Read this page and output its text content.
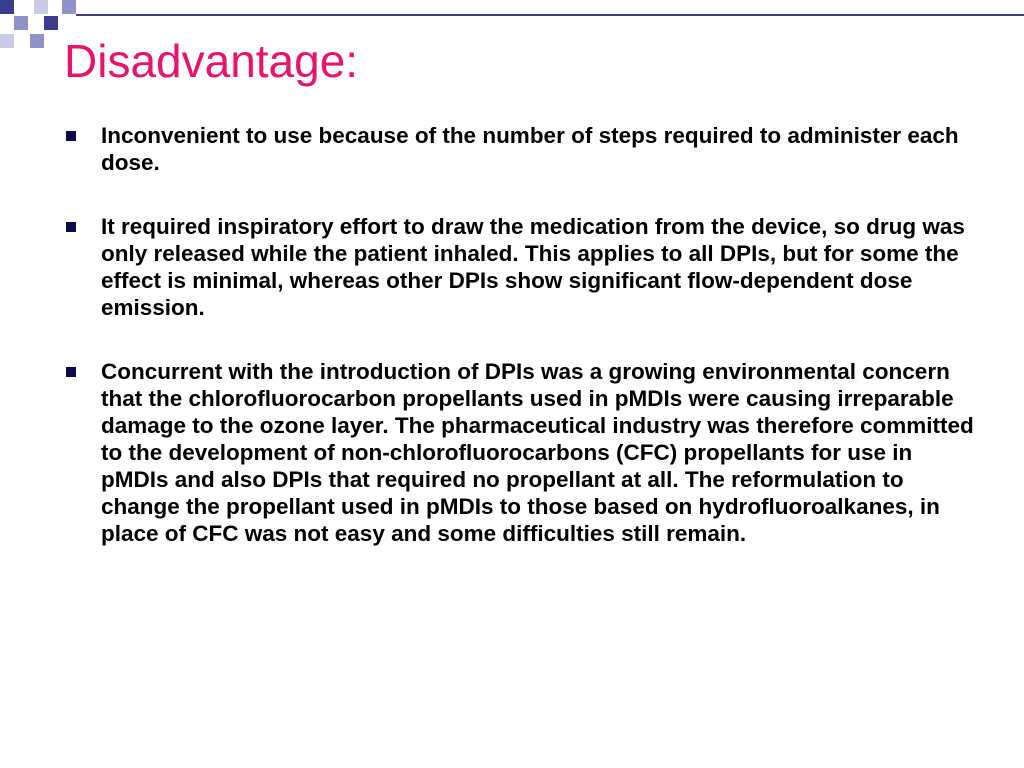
Disadvantage:
Inconvenient to use because of the number of steps required to administer each dose.
It required inspiratory effort to draw the medication from the device, so drug was only released while the patient inhaled. This applies to all DPIs, but for some the effect is minimal, whereas other DPIs show significant flow-dependent dose emission.
Concurrent with the introduction of DPIs was a growing environmental concern that the chlorofluorocarbon propellants used in pMDIs were causing irreparable damage to the ozone layer. The pharmaceutical industry was therefore committed to the development of non-chlorofluorocarbons (CFC) propellants for use in pMDIs and also DPIs that required no propellant at all. The reformulation to change the propellant used in pMDIs to those based on hydrofluoroalkanes, in place of CFC was not easy and some difficulties still remain.
